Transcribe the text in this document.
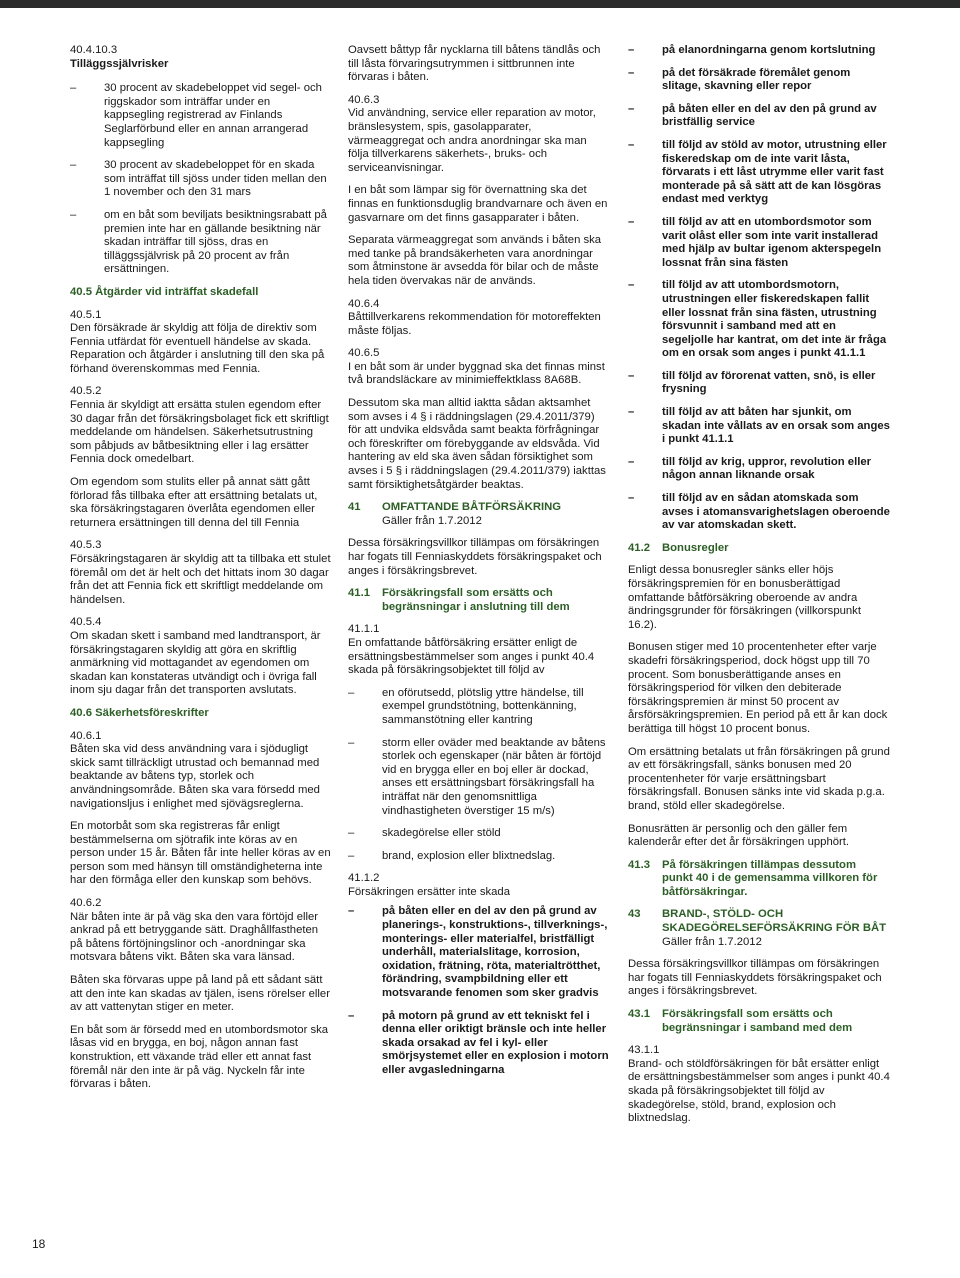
40.4.10.3
Tilläggssjälvrisker
– 30 procent av skadebeloppet vid segel- och riggskador som inträffar under en kappsegling registrerad av Finlands Seglarförbund eller en annan arrangerad kappsegling
– 30 procent av skadebeloppet för en skada som inträffat till sjöss under tiden mellan den 1 november och den 31 mars
– om en båt som beviljats besiktningsrabatt på premien inte har en gällande besiktning när skadan inträffar till sjöss, dras en tilläggssjälvrisk på 20 procent av från ersättningen.
40.5 Åtgärder vid inträffat skadefall

40.5.1
Den försäkrade är skyldig att följa de direktiv som Fennia utfärdat för eventuell händelse av skada. Reparation och åtgärder i anslutning till den ska på förhand överenskommas med Fennia.

40.5.2
Fennia är skyldigt att ersätta stulen egendom efter 30 dagar från det försäkringsbolaget fick ett skriftligt meddelande om händelsen. Säkerhetsutrustning som påbjuds av båtbesiktning eller i lag ersätter Fennia dock omedelbart.

Om egendom som stulits eller på annat sätt gått förlorad fås tillbaka efter att ersättning betalats ut, ska försäkringstagaren överlåta egendomen eller returnera ersättningen till denna del till Fennia

40.5.3
Försäkringstagaren är skyldig att ta tillbaka ett stulet föremål om det är helt och det hittats inom 30 dagar från det att Fennia fick ett skriftligt meddelande om händelsen.

40.5.4
Om skadan skett i samband med landtransport, är försäkringstagaren skyldig att göra en skriftlig anmärkning vid mottagandet av egendomen om skadan kan konstateras utvändigt och i övriga fall inom sju dagar från det transporten avslutats.

40.6 Säkerhetsföreskrifter

40.6.1
Båten ska vid dess användning vara i sjödugligt skick samt tillräckligt utrustad och bemannad med beaktande av båtens typ, storlek och användningsområde. Båten ska vara försedd med navigationsljus i enlighet med sjövägsreglerna.

En motorbåt som ska registreras får enligt bestämmelserna om sjötrafik inte köras av en person under 15 år. Båten får inte heller köras av en person som med hänsyn till omständigheterna inte har den förmåga eller den kunskap som behövs.

40.6.2
När båten inte är på väg ska den vara förtöjd eller ankrad på ett betryggande sätt. Draghållfastheten på båtens förtöjningslinor och -anordningar ska motsvara båtens vikt. Båten ska vara länsad.

Båten ska förvaras uppe på land på ett sådant sätt att den inte kan skadas av tjälen, isens rörelser eller av att vattenytan stiger en meter.

En båt som är försedd med en utombordsmotor ska låsas vid en brygga, en boj, någon annan fast konstruktion, ett växande träd eller ett annat fast föremål när den inte är på väg. Nyckeln får inte förvaras i båten.

Oavsett båttyp får nycklarna till båtens tändlås och till låsta förvaringsutrymmen i sittbrunnen inte förvaras i båten.

40.6.3
Vid användning, service eller reparation av motor, bränslesystem, spis, gasolapparater, värmeaggregat och andra anordningar ska man följa tillverkarens säkerhets-, bruks- och serviceanvisningar.

I en båt som lämpar sig för övernattning ska det finnas en funktionsduglig brandvarnare och även en gasvarnare om det finns gasapparater i båten.

Separata värmeaggregat som används i båten ska med tanke på brandsäkerheten vara anordningar som åtminstone är avsedda för bilar och de måste hela tiden övervakas när de används.

40.6.4
Båttillverkarens rekommendation för motoreffekten måste följas.

40.6.5
I en båt som är under byggnad ska det finnas minst två brandsläckare av minimieffektklass 8A68B.

Dessutom ska man alltid iaktta sådan aktsamhet som avses i 4 § i räddningslagen (29.4.2011/379) för att undvika eldsvåda samt beakta förfrågningar och föreskrifter om förebyggande av eldsvåda. Vid hantering av eld ska även sådan försiktighet som avses i 5 § i räddningslagen (29.4.2011/379) iakttas samt försiktighetsåtgärder beaktas.

41 OMFATTANDE BÅTFÖRSÄKRING
Gäller från 1.7.2012

Dessa försäkringsvillkor tillämpas om försäkringen har fogats till Fenniaskyddets försäkringspaket och anges i försäkringsbrevet.

41.1 Försäkringsfall som ersätts och begränsningar i anslutning till dem

41.1.1
En omfattande båtförsäkring ersätter enligt de ersättningsbestämmelser som anges i punkt 40.4 skada på försäkringsobjektet till följd av

– en oförutsedd, plötslig yttre händelse, till exempel grundstötning, bottenkänning, sammanstötning eller kantring
– storm eller oväder med beaktande av båtens storlek och egenskaper (när båten är förtöjd vid en brygga eller en boj eller är dockad, anses ett ersättningsbart försäkringsfall ha inträffat när den genomsnittliga vindhastigheten överstiger 15 m/s)
– skadegörelse eller stöld
– brand, explosion eller blixtnedslag.

41.1.2
Försäkringen ersätter inte skada

– på båten eller en del av den på grund av planerings-, konstruktions-, tillverknings-, monterings- eller materialfel, bristfälligt underhåll, materialslitage, korrosion, oxidation, frätning, röta, materialtrötthet, förändring, svampbildning eller ett motsvarande fenomen som sker gradvis
– på motorn på grund av ett tekniskt fel i denna eller oriktigt bränsle och inte heller skada orsakad av fel i kyl- eller smörjsystemet eller en explosion i motorn eller avgasledningarna
– på elanordningarna genom kortslutning
– på det försäkrade föremålet genom slitage, skavning eller repor
– på båten eller en del av den på grund av bristfällig service
– till följd av stöld av motor, utrustning eller fiskeredskap om de inte varit låsta, förvarats i ett låst utrymme eller varit fast monterade på så sätt att de kan lösgöras endast med verktyg
– till följd av att en utombordsmotor som varit olåst eller som inte varit installerad med hjälp av bultar igenom akterspegeln lossnat från sina fästen
– till följd av att utombordsmotorn, utrustningen eller fiskeredskapen fallit eller lossnat från sina fästen, utrustning försvunnit i samband med att en segeljolle har kantrat, om det inte är fråga om en orsak som anges i punkt 41.1.1
– till följd av förorenat vatten, snö, is eller frysning
– till följd av att båten har sjunkit, om skadan inte vållats av en orsak som anges i punkt 41.1.1
– till följd av krig, uppror, revolution eller någon annan liknande orsak
– till följd av en sådan atomskada som avses i atomansvarighetslagen oberoende av var atomskadan skett.
41.2 Bonusregler

Enligt dessa bonusregler sänks eller höjs försäkringspremien för en bonusberättigad omfattande båtförsäkring oberoende av andra ändringsgrunder för försäkringen (villkorspunkt 16.2).

Bonusen stiger med 10 procentenheter efter varje skadefri försäkringsperiod, dock högst upp till 70 procent. Som bonusberättigande anses en försäkringsperiod för vilken den debiterade försäkringspremien är minst 50 procent av årsförsäkringspremien. En period på ett år kan dock berättiga till högst 10 procent bonus.

Om ersättning betalats ut från försäkringen på grund av ett försäkringsfall, sänks bonusen med 20 procentenheter för varje ersättningsbart försäkringsfall. Bonusen sänks inte vid skada p.g.a. brand, stöld eller skadegörelse.

Bonusrätten är personlig och den gäller fem kalenderår efter det år försäkringen upphört.

41.3 På försäkringen tillämpas dessutom punkt 40 i de gemensamma villkoren för båtförsäkringar.
43 BRAND-, STÖLD- OCH SKADEGÖRELSEFÖRSÄKRING FÖR BÅT
Gäller från 1.7.2012

Dessa försäkringsvillkor tillämpas om försäkringen har fogats till Fenniaskyddets försäkringspaket och anges i försäkringsbrevet.

43.1 Försäkringsfall som ersätts och begränsningar i samband med dem

43.1.1
Brand- och stöldförsäkringen för båt ersätter enligt de ersättningsbestämmelser som anges i punkt 40.4 skada på försäkringsobjektet till följd av skadegörelse, stöld, brand, explosion och blixtnedslag.

18
